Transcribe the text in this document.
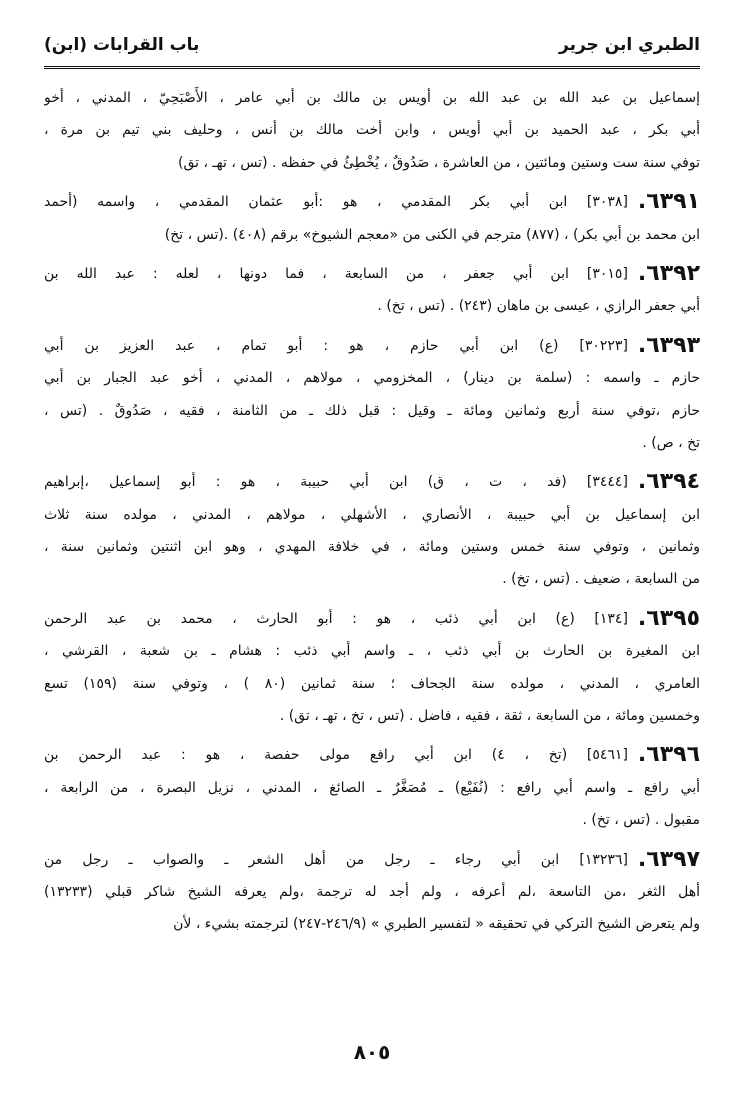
الطبري ابن جرير
باب القرابات (ابن)
إسماعيل بن عبد الله بن عبد الله بن أويس بن مالك بن أبي عامر ، الأَصْبَحِيّ ، المدني ، أخو
أبي بكر ، عبد الحميد بن أبي أويس ، وابن أخت مالك بن أنس ، وحليف بني تيم بن مرة ،
توفي سنة ست وستين ومائتين ، من العاشرة ، صَدُوقٌ ، يُخْطِئُ في حفظه . (تس ، تهـ ، تق)
٦٣٩١.[٣٠٣٨] ابن أبي بكر المقدمي ، هو :أبو عثمان المقدمي ، واسمه (أحمد
ابن محمد بن أبي بكر) ، (٨٧٧) مترجم في الكنى من «معجم الشيوخ» برقم (٤٠٨) .(تس ، تخ)
٦٣٩٢.[٣٠١٥] ابن أبي جعفر ، من السابعة ، فما دونها ، لعله : عبد الله بن
أبي جعفر الرازي ، عيسى بن ماهان (٢٤٣) . (تس ، تخ) .
٦٣٩٣.[٣٠٢٢٣] (ع) ابن أبي حازم ، هو : أبو تمام ، عبد العزيز بن أبي
حازم ـ واسمه : (سلمة بن دينار) ، المخزومي ، مولاهم ، المدني ، أخو عبد الجبار بن أبي
حازم ،توفي سنة أربع وثمانين ومائة ـ وقيل : قبل ذلك ـ من الثامنة ، فقيه ، صَدُوقٌ . (تس ،
تخ ، ص) .
٦٣٩٤.[٣٤٤٤] (فد ، ت ، ق) ابن أبي حبيبة ، هو : أبو إسماعيل ،إبراهيم
ابن إسماعيل بن أبي حبيبة ، الأنصاري ، الأشهلي ، مولاهم ، المدني ، مولده سنة ثلاث
وثمانين ، وتوفي سنة خمس وستين ومائة ، في خلافة المهدي ، وهو ابن اثنتين وثمانين سنة ،
من السابعة ، ضعيف . (تس ، تخ) .
٦٣٩٥.[١٣٤] (ع) ابن أبي ذئب ، هو : أبو الحارث ، محمد بن عبد الرحمن
ابن المغيرة بن الحارث بن أبي ذئب ، ـ واسم أبي ذئب : هشام ـ بن شعبة ، القرشي ،
العامري ، المدني ، مولده سنة الجحاف ؛ سنة ثمانين (٨٠ ) ، وتوفي سنة (١٥٩) تسع
وخمسين ومائة ، من السابعة ، ثقة ، فقيه ، فاضل . (تس ، تخ ، تهـ ، تق) .
٦٣٩٦.[٥٤٦١] (تخ ، ٤) ابن أبي رافع مولى حفصة ، هو : عبد الرحمن بن
أبي رافع ـ واسم أبي رافع : (نُفَيْع) ـ مُصَغَّرٌ ـ الصائغ ، المدني ، نزيل البصرة ، من الرابعة ،
مقبول . (تس ، تخ) .
٦٣٩٧.[١٣٢٣٦] ابن أبي رجاء ـ رجل من أهل الشعر ـ والصواب ـ رجل من
أهل الثغر ،من التاسعة ،لم أعرفه ، ولم أجد له ترجمة ،ولم يعرفه الشيخ شاكر قبلي (١٣٢٣٣)
ولم يتعرض الشيخ التركي في تحقيقه « لتفسير الطبري » (٢٤٦/٩-٢٤٧) لترجمته بشيء ، لأن
٨٠٥
